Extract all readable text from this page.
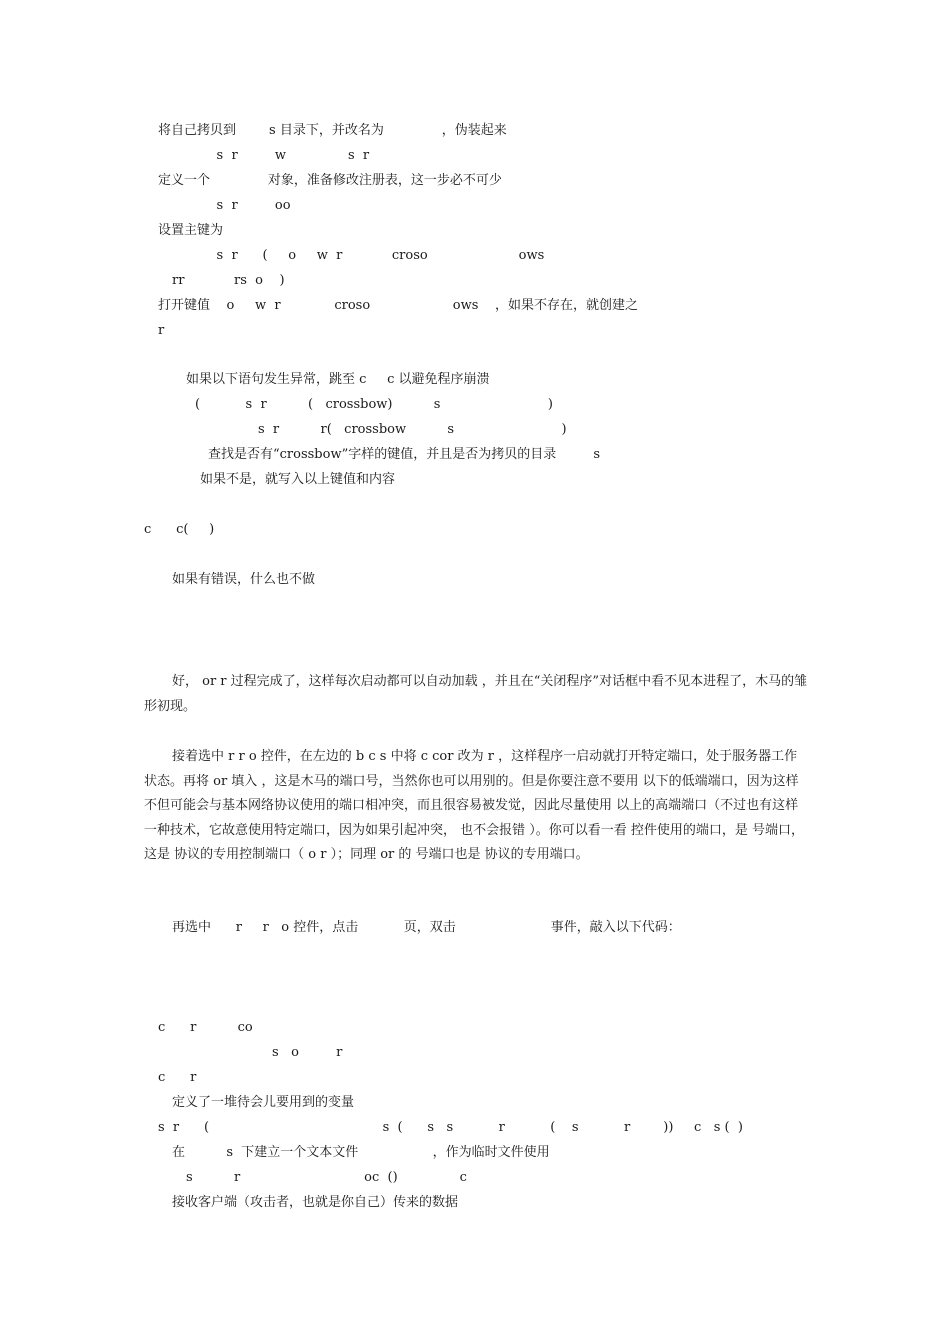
将自己拷贝到        s 目录下，并改名为              ，伪装起来
s  r         w               s  r
定义一个              对象，准备修改注册表，这一步必不可少
s  r         oo
设置主键为
s  r      (     o     w  r            croso                      ows
rr            rs  o    )
打开键值    o     w  r             croso                    ows    ，如果不存在，就创建之
r
如果以下语句发生异常，跳至 c     c 以避免程序崩溃
(           s  r          (   crossbow)          s                          )
s  r          r(   crossbow          s                          )
查找是否有“crossbow”字样的键值，并且是否为拷贝的目录         s
如果不是，就写入以上键值和内容
c      c(     )
如果有错误，什么也不做
好， or r 过程完成了，这样每次启动都可以自动加载 ，并且在“关闭程序”对话框中看不见本进程了，木马的雏形初现。
接着选中 r r o 控件，在左边的 b c s 中将 c cor 改为 r ，这样程序一启动就打开特定端口，处于服务器工作状态。再将 or 填入 ，这是木马的端口号，当然你也可以用别的。但是你要注意不要用 以下的低端端口，因为这样不但可能会与基本网络协议使用的端口相冲突，而且很容易被发觉，因此尽量使用 以上的高端端口（不过也有这样一种技术，它故意使用特定端口，因为如果引起冲突， 也不会报错 ）。你可以看一看 控件使用的端口，是 号端口，这是 协议的专用控制端口（ o r ）；同理 or 的 号端口也是 协议的专用端口。
再选中      r     r   o 控件，点击           页，双击                       事件，敲入以下代码：
c      r          co
s   o         r
c      r
定义了一堆待会儿要用到的变量
s  r      (                                          s  (      s   s           r           (    s           r        ))     c   s (  )
在          s  下建立一个文本文件                  ，作为临时文件使用
s          r                              oc  ()               c
接收客户端（攻击者，也就是你自己）传来的数据
